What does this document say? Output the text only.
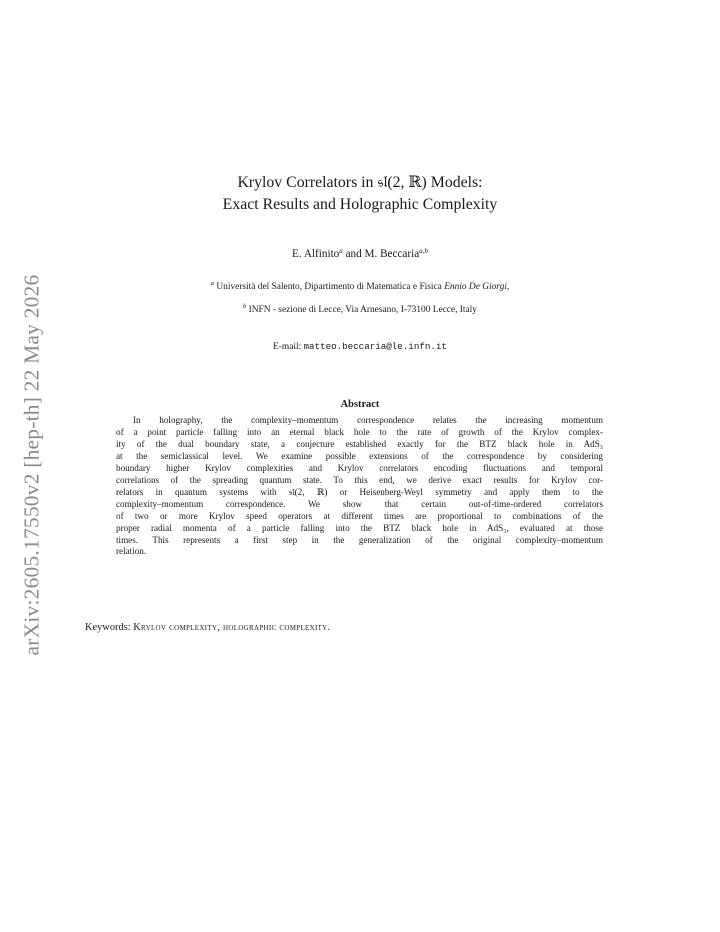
arXiv:2605.17550v2 [hep-th] 22 May 2026
Krylov Correlators in 𝔰𝔩(2, ℝ) Models:
Exact Results and Holographic Complexity
E. Alfinito$^a$ and M. Beccaria$^{a,b}$
$^a$ Università del Salento, Dipartimento di Matematica e Fisica Ennio De Giorgi,
$^b$ INFN - sezione di Lecce, Via Arnesano, I-73100 Lecce, Italy
E-mail: matteo.beccaria@le.infn.it
Abstract
In holography, the complexity–momentum correspondence relates the increasing momentum
of a point particle falling into an eternal black hole to the rate of growth of the Krylov complex-
ity of the dual boundary state, a conjecture established exactly for the BTZ black hole in AdS₃
at the semiclassical level. We examine possible extensions of the correspondence by considering
boundary higher Krylov complexities and Krylov correlators encoding fluctuations and temporal
correlations of the spreading quantum state. To this end, we derive exact results for Krylov cor-
relators in quantum systems with 𝔰𝔩(2, ℝ) or Heisenberg-Weyl symmetry and apply them to the
complexity–momentum correspondence. We show that certain out-of-time-ordered correlators
of two or more Krylov speed operators at different times are proportional to combinations of the
proper radial momenta of a particle falling into the BTZ black hole in AdS₃, evaluated at those
times. This represents a first step in the generalization of the original complexity–momentum
relation.
Keywords: Krylov complexity, holographic complexity.
